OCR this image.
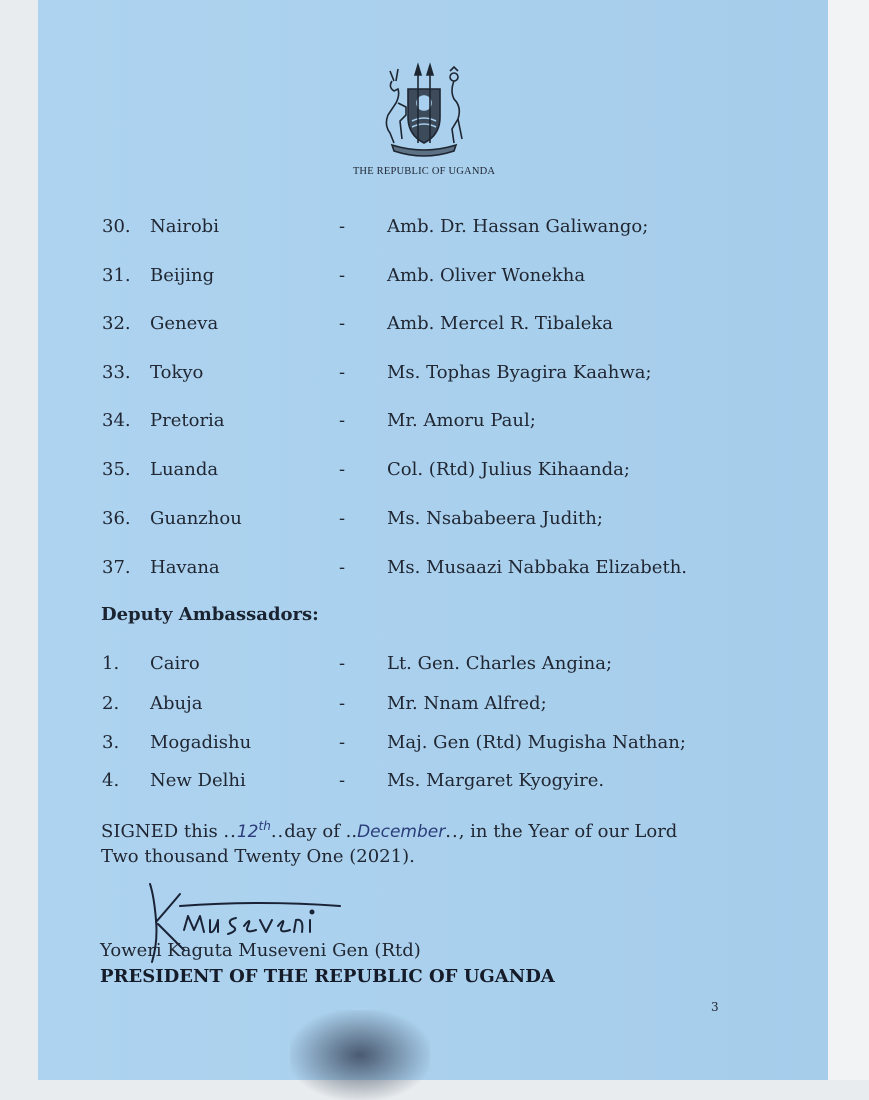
THE REPUBLIC OF UGANDA
30. Nairobi	- Amb. Dr. Hassan Galiwango;
31. Beijing	- Amb. Oliver Wonekha
32. Geneva	- Amb. Mercel R. Tibaleka
33. Tokyo	- Ms. Tophas Byagira Kaahwa;
34. Pretoria	- Mr. Amoru Paul;
35. Luanda	- Col. (Rtd) Julius Kihaanda;
36. Guanzhou	- Ms. Nsababeera Judith;
37. Havana	- Ms. Musaazi Nabbaka Elizabeth.
Deputy Ambassadors:
1. Cairo	- Lt. Gen. Charles Angina;
2. Abuja	- Mr. Nnam Alfred;
3. Mogadishu	- Maj. Gen (Rtd) Mugisha Nathan;
4. New Delhi	- Ms. Margaret Kyogyire.
SIGNED this ..12th..day of ..December.., in the Year of our Lord
Two thousand Twenty One (2021).
Yoweri Kaguta Museveni Gen (Rtd)
PRESIDENT OF THE REPUBLIC OF UGANDA
3
